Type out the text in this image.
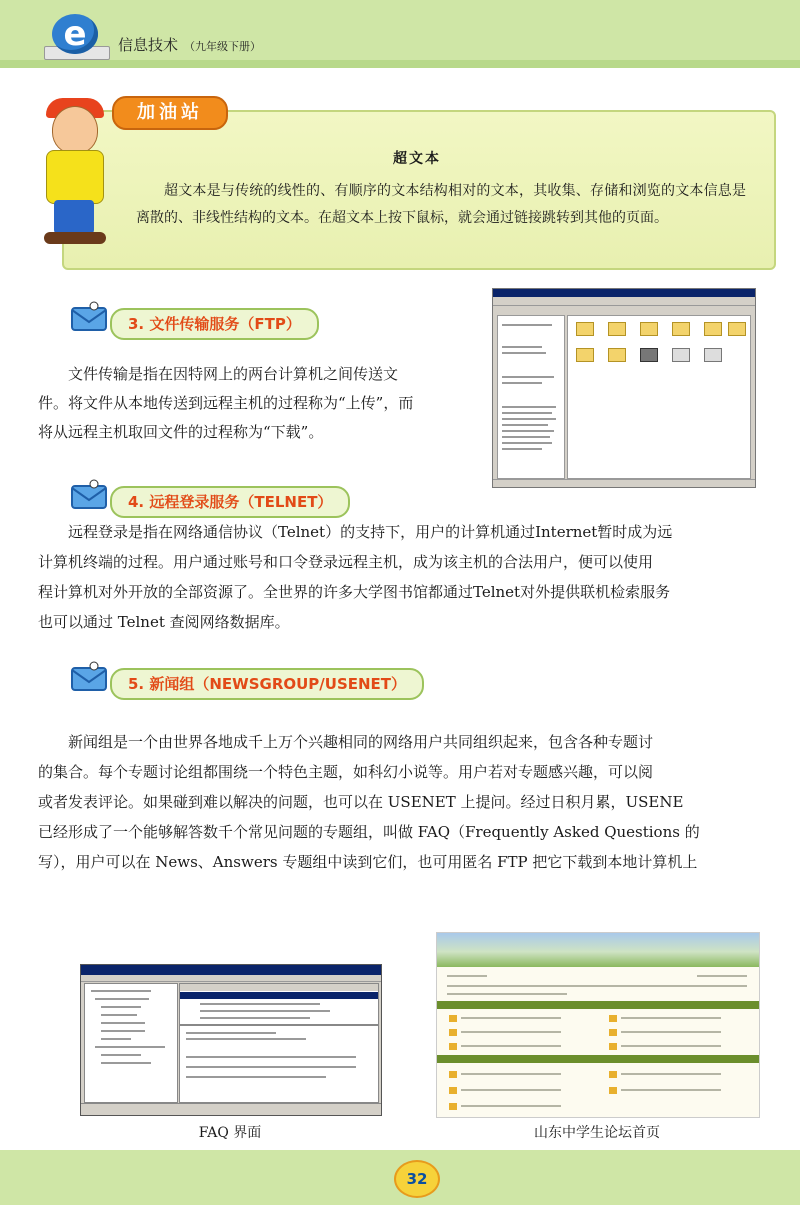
e	信息技术 （九年级下册）
加油站
超文本
超文本是与传统的线性的、有顺序的文本结构相对的文本，其收集、存储和浏览的文本信息是离散的、非线性结构的文本。在超文本上按下鼠标，就会通过链接跳转到其他的页面。
3. 文件传输服务（FTP）
文件传输是指在因特网上的两台计算机之间传送文
件。将文件从本地传送到远程主机的过程称为“上传”，而
将从远程主机取回文件的过程称为“下载”。
4. 远程登录服务（TELNET）
远程登录是指在网络通信协议（Telnet）的支持下，用户的计算机通过Internet暂时成为远
计算机终端的过程。用户通过账号和口令登录远程主机，成为该主机的合法用户，便可以使用
程计算机对外开放的全部资源了。全世界的许多大学图书馆都通过Telnet对外提供联机检索服务
也可以通过 Telnet 查阅网络数据库。
5. 新闻组（NEWSGROUP/USENET）
新闻组是一个由世界各地成千上万个兴趣相同的网络用户共同组织起来，包含各种专题讨
的集合。每个专题讨论组都围绕一个特色主题，如科幻小说等。用户若对专题感兴趣，可以阅
或者发表评论。如果碰到难以解决的问题，也可以在 USENET 上提问。经过日积月累，USENE
已经形成了一个能够解答数千个常见问题的专题组，叫做 FAQ（Frequently Asked Questions 的
写），用户可以在 News、Answers 专题组中读到它们，也可用匿名 FTP 把它下载到本地计算机上
FAQ 界面	山东中学生论坛首页
32
